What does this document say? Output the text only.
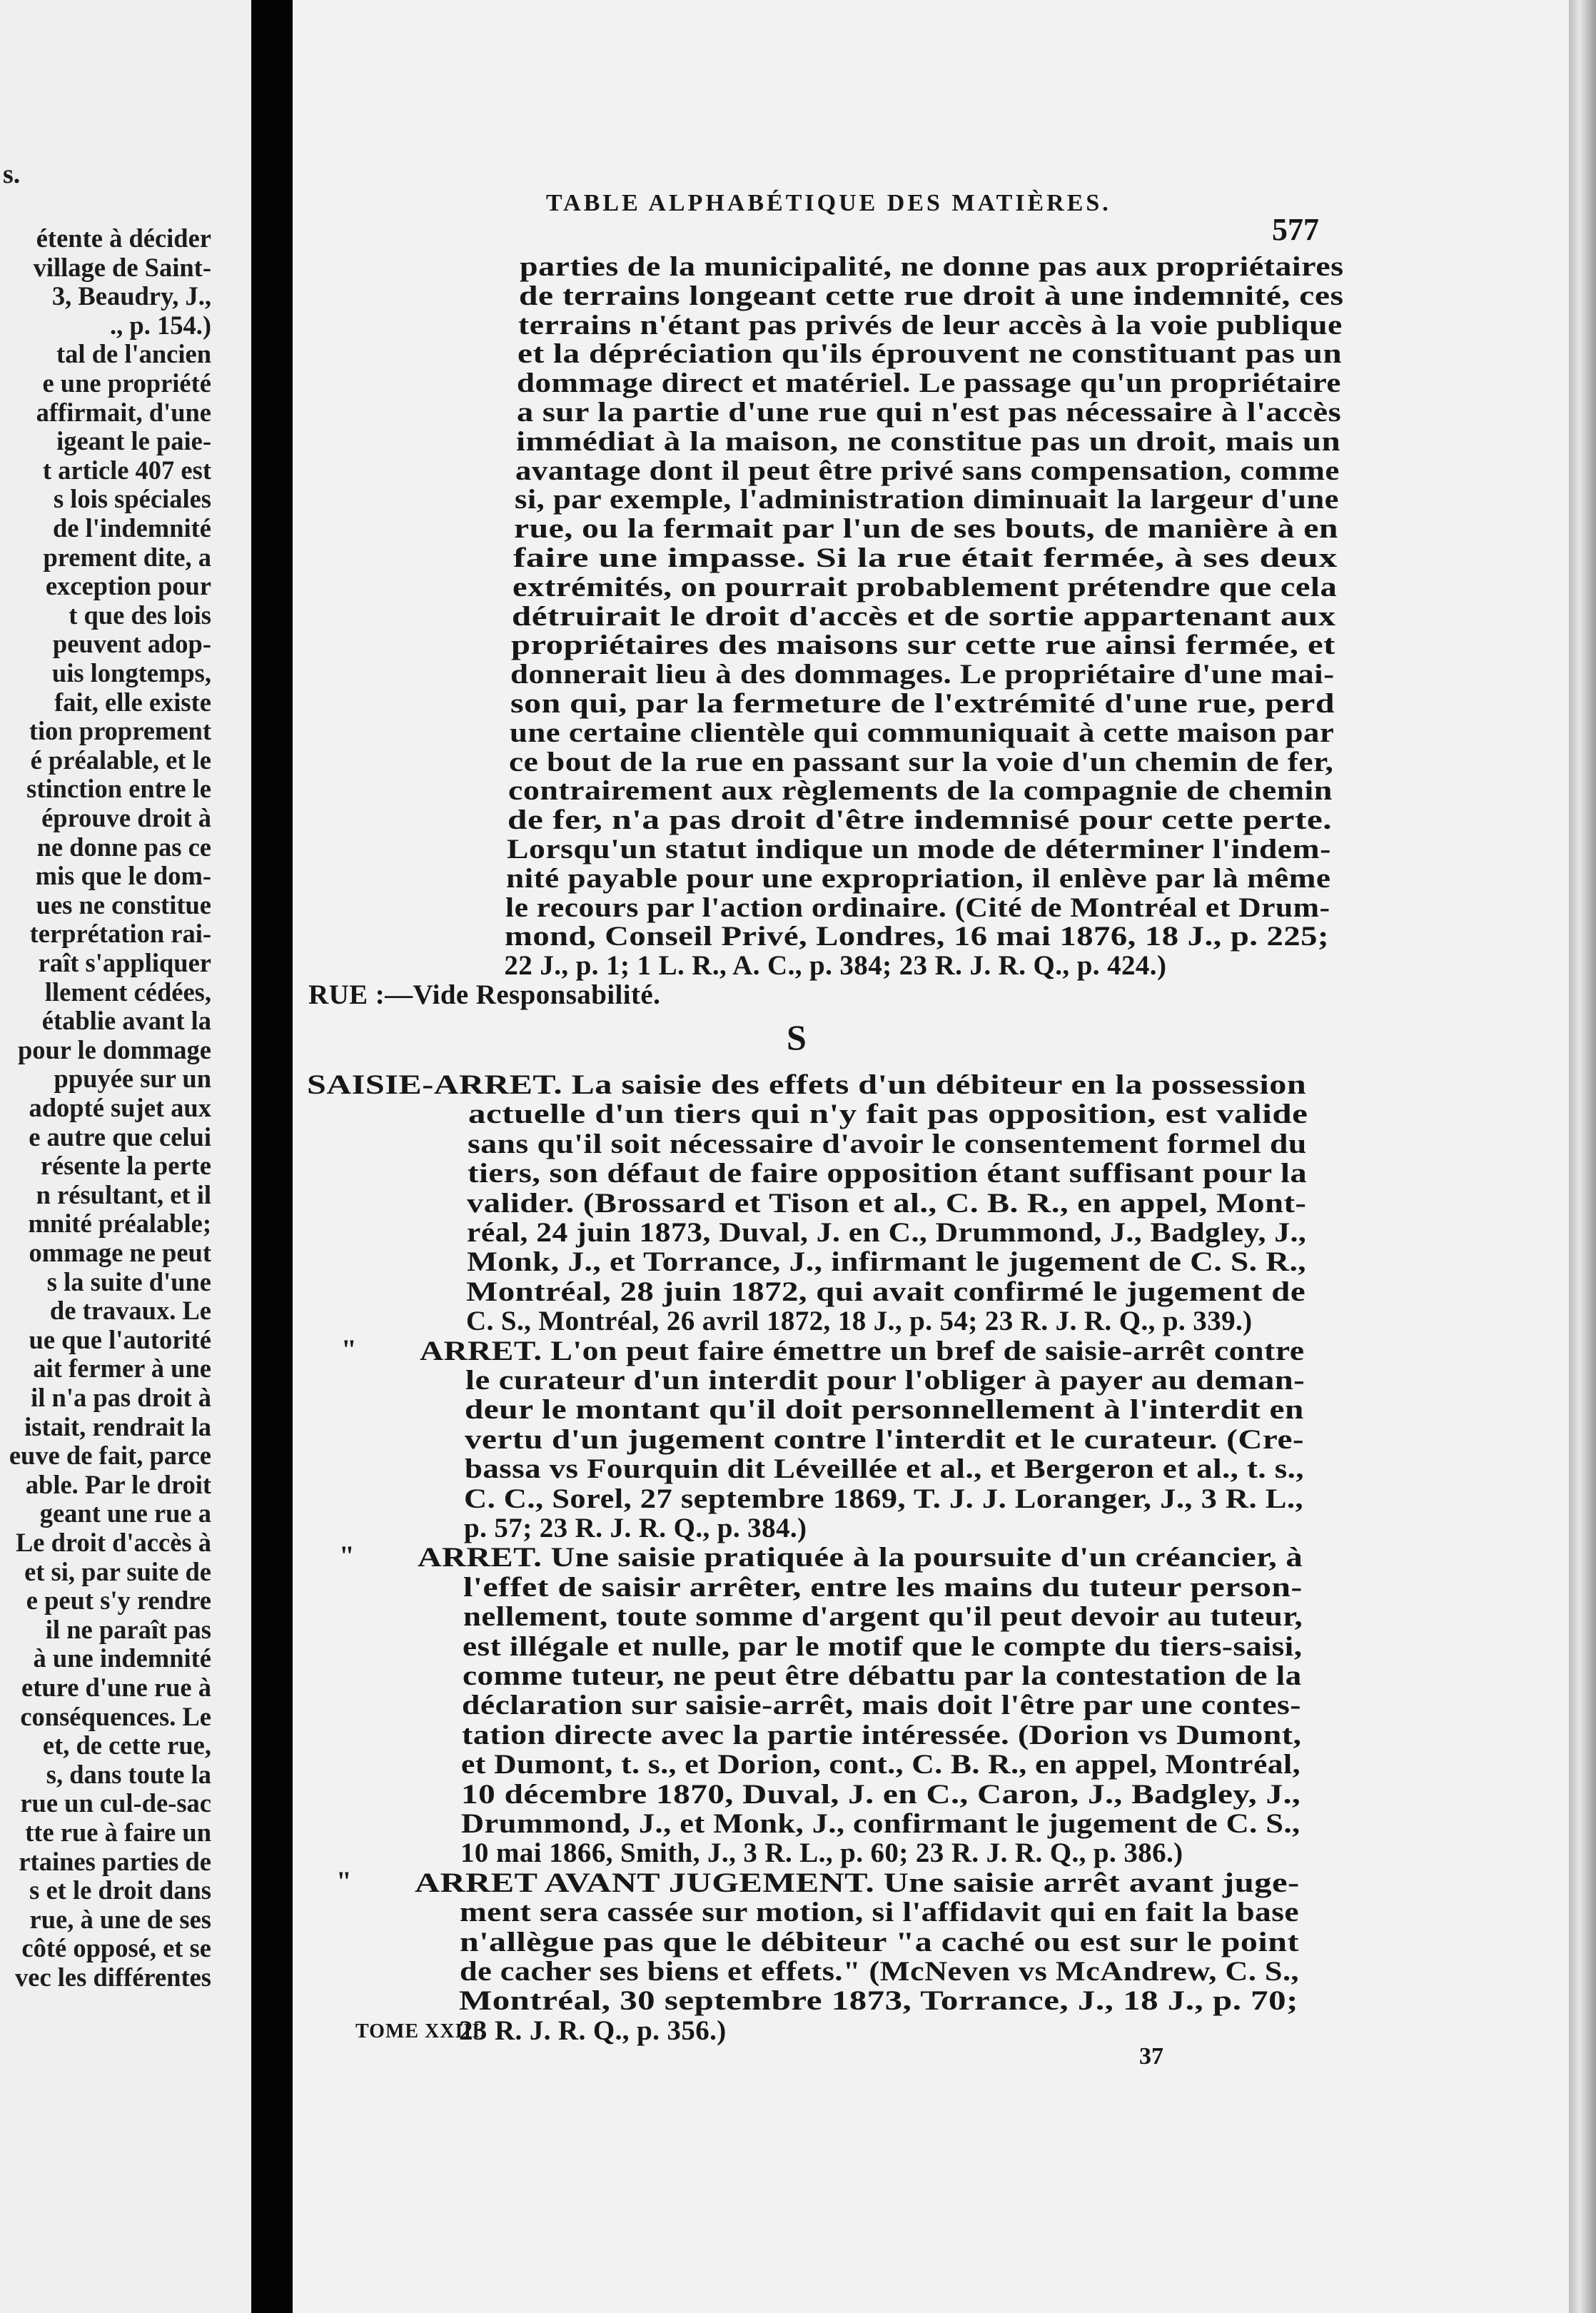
s.
étente à décider
village de Saint-
3, Beaudry, J.,
., p. 154.)
tal de l'ancien
e une propriété
affirmait, d'une
igeant le paie-
t article 407 est
s lois spéciales
de l'indemnité
prement dite, a
exception pour
t que des lois
peuvent adop-
uis longtemps,
fait, elle existe
tion proprement
é préalable, et le
stinction entre le
éprouve droit à
ne donne pas ce
mis que le dom-
ues ne constitue
terprétation rai-
raît s'appliquer
llement cédées,
établie avant la
pour le dommage
ppuyée sur un
adopté sujet aux
e autre que celui
résente la perte
n résultant, et il
mnité préalable;
ommage ne peut
s la suite d'une
de travaux. Le
ue que l'autorité
ait fermer à une
il n'a pas droit à
istait, rendrait la
euve de fait, parce
able. Par le droit
geant une rue a
Le droit d'accès à
et si, par suite de
e peut s'y rendre
il ne paraît pas
à une indemnité
eture d'une rue à
conséquences. Le
et, de cette rue,
s, dans toute la
rue un cul-de-sac
tte rue à faire un
rtaines parties de
s et le droit dans
rue, à une de ses
côté opposé, et se
vec les différentes
TABLE ALPHABÉTIQUE DES MATIÈRES.
577
parties de la municipalité, ne donne pas aux propriétaires
de terrains longeant cette rue droit à une indemnité, ces
terrains n'étant pas privés de leur accès à la voie publique
et la dépréciation qu'ils éprouvent ne constituant pas un
dommage direct et matériel. Le passage qu'un propriétaire
a sur la partie d'une rue qui n'est pas nécessaire à l'accès
immédiat à la maison, ne constitue pas un droit, mais un
avantage dont il peut être privé sans compensation, comme
si, par exemple, l'administration diminuait la largeur d'une
rue, ou la fermait par l'un de ses bouts, de manière à en
faire une impasse. Si la rue était fermée, à ses deux
extrémités, on pourrait probablement prétendre que cela
détruirait le droit d'accès et de sortie appartenant aux
propriétaires des maisons sur cette rue ainsi fermée, et
donnerait lieu à des dommages. Le propriétaire d'une mai-
son qui, par la fermeture de l'extrémité d'une rue, perd
une certaine clientèle qui communiquait à cette maison par
ce bout de la rue en passant sur la voie d'un chemin de fer,
contrairement aux règlements de la compagnie de chemin
de fer, n'a pas droit d'être indemnisé pour cette perte.
Lorsqu'un statut indique un mode de déterminer l'indem-
nité payable pour une expropriation, il enlève par là même
le recours par l'action ordinaire. (Cité de Montréal et Drum-
mond, Conseil Privé, Londres, 16 mai 1876, 18 J., p. 225;
22 J., p. 1; 1 L. R., A. C., p. 384; 23 R. J. R. Q., p. 424.)
RUE :—Vide Responsabilité.
S
SAISIE-ARRET. La saisie des effets d'un débiteur en la possession
actuelle d'un tiers qui n'y fait pas opposition, est valide
sans qu'il soit nécessaire d'avoir le consentement formel du
tiers, son défaut de faire opposition étant suffisant pour la
valider. (Brossard et Tison et al., C. B. R., en appel, Mont-
réal, 24 juin 1873, Duval, J. en C., Drummond, J., Badgley, J.,
Monk, J., et Torrance, J., infirmant le jugement de C. S. R.,
Montréal, 28 juin 1872, qui avait confirmé le jugement de
C. S., Montréal, 26 avril 1872, 18 J., p. 54; 23 R. J. R. Q., p. 339.)
" ARRET. L'on peut faire émettre un bref de saisie-arrêt contre
le curateur d'un interdit pour l'obliger à payer au deman-
deur le montant qu'il doit personnellement à l'interdit en
vertu d'un jugement contre l'interdit et le curateur. (Cre-
bassa vs Fourquin dit Léveillée et al., et Bergeron et al., t. s.,
C. C., Sorel, 27 septembre 1869, T. J. J. Loranger, J., 3 R. L.,
p. 57; 23 R. J. R. Q., p. 384.)
" ARRET. Une saisie pratiquée à la poursuite d'un créancier, à
l'effet de saisir arrêter, entre les mains du tuteur person-
nellement, toute somme d'argent qu'il peut devoir au tuteur,
est illégale et nulle, par le motif que le compte du tiers-saisi,
comme tuteur, ne peut être débattu par la contestation de la
déclaration sur saisie-arrêt, mais doit l'être par une contes-
tation directe avec la partie intéressée. (Dorion vs Dumont,
et Dumont, t. s., et Dorion, cont., C. B. R., en appel, Montréal,
10 décembre 1870, Duval, J. en C., Caron, J., Badgley, J.,
Drummond, J., et Monk, J., confirmant le jugement de C. S.,
10 mai 1866, Smith, J., 3 R. L., p. 60; 23 R. J. R. Q., p. 386.)
" ARRET AVANT JUGEMENT. Une saisie arrêt avant juge-
ment sera cassée sur motion, si l'affidavit qui en fait la base
n'allègue pas que le débiteur "a caché ou est sur le point
de cacher ses biens et effets." (McNeven vs McAndrew, C. S.,
Montréal, 30 septembre 1873, Torrance, J., 18 J., p. 70;
23 R. J. R. Q., p. 356.)
TOME XXIII.
37
